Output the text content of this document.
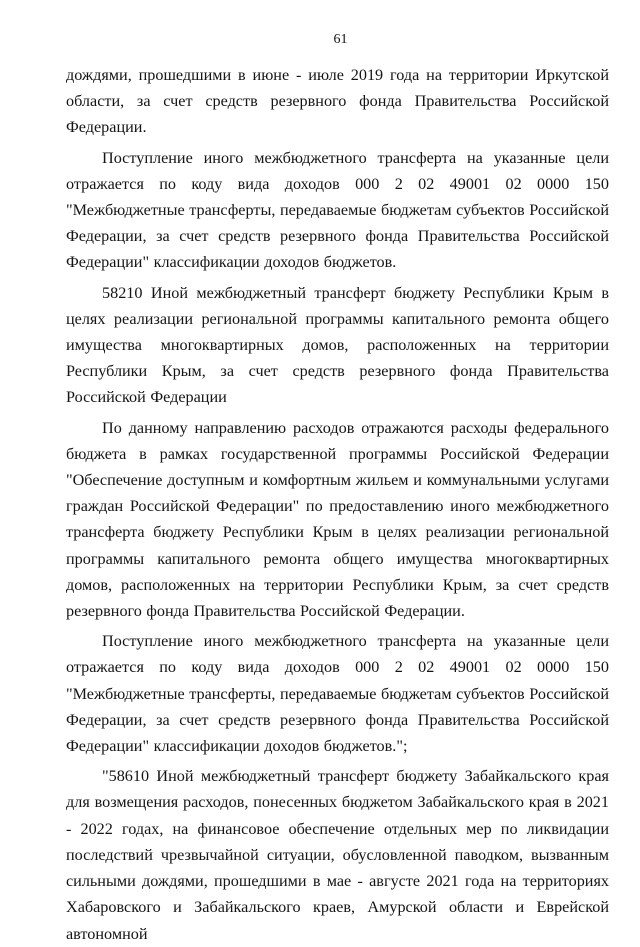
61

дождями, прошедшими в июне - июле 2019 года на территории Иркутской области, за счет средств резервного фонда Правительства Российской Федерации.

Поступление иного межбюджетного трансферта на указанные цели отражается по коду вида доходов 000 2 02 49001 02 0000 150 "Межбюджетные трансферты, передаваемые бюджетам субъектов Российской Федерации, за счет средств резервного фонда Правительства Российской Федерации" классификации доходов бюджетов.

58210 Иной межбюджетный трансферт бюджету Республики Крым в целях реализации региональной программы капитального ремонта общего имущества многоквартирных домов, расположенных на территории Республики Крым, за счет средств резервного фонда Правительства Российской Федерации

По данному направлению расходов отражаются расходы федерального бюджета в рамках государственной программы Российской Федерации "Обеспечение доступным и комфортным жильем и коммунальными услугами граждан Российской Федерации" по предоставлению иного межбюджетного трансферта бюджету Республики Крым в целях реализации региональной программы капитального ремонта общего имущества многоквартирных домов, расположенных на территории Республики Крым, за счет средств резервного фонда Правительства Российской Федерации.

Поступление иного межбюджетного трансферта на указанные цели отражается по коду вида доходов 000 2 02 49001 02 0000 150 "Межбюджетные трансферты, передаваемые бюджетам субъектов Российской Федерации, за счет средств резервного фонда Правительства Российской Федерации" классификации доходов бюджетов.";

"58610 Иной межбюджетный трансферт бюджету Забайкальского края для возмещения расходов, понесенных бюджетом Забайкальского края в 2021 - 2022 годах, на финансовое обеспечение отдельных мер по ликвидации последствий чрезвычайной ситуации, обусловленной паводком, вызванным сильными дождями, прошедшими в мае - августе 2021 года на территориях Хабаровского и Забайкальского краев, Амурской области и Еврейской автономной
